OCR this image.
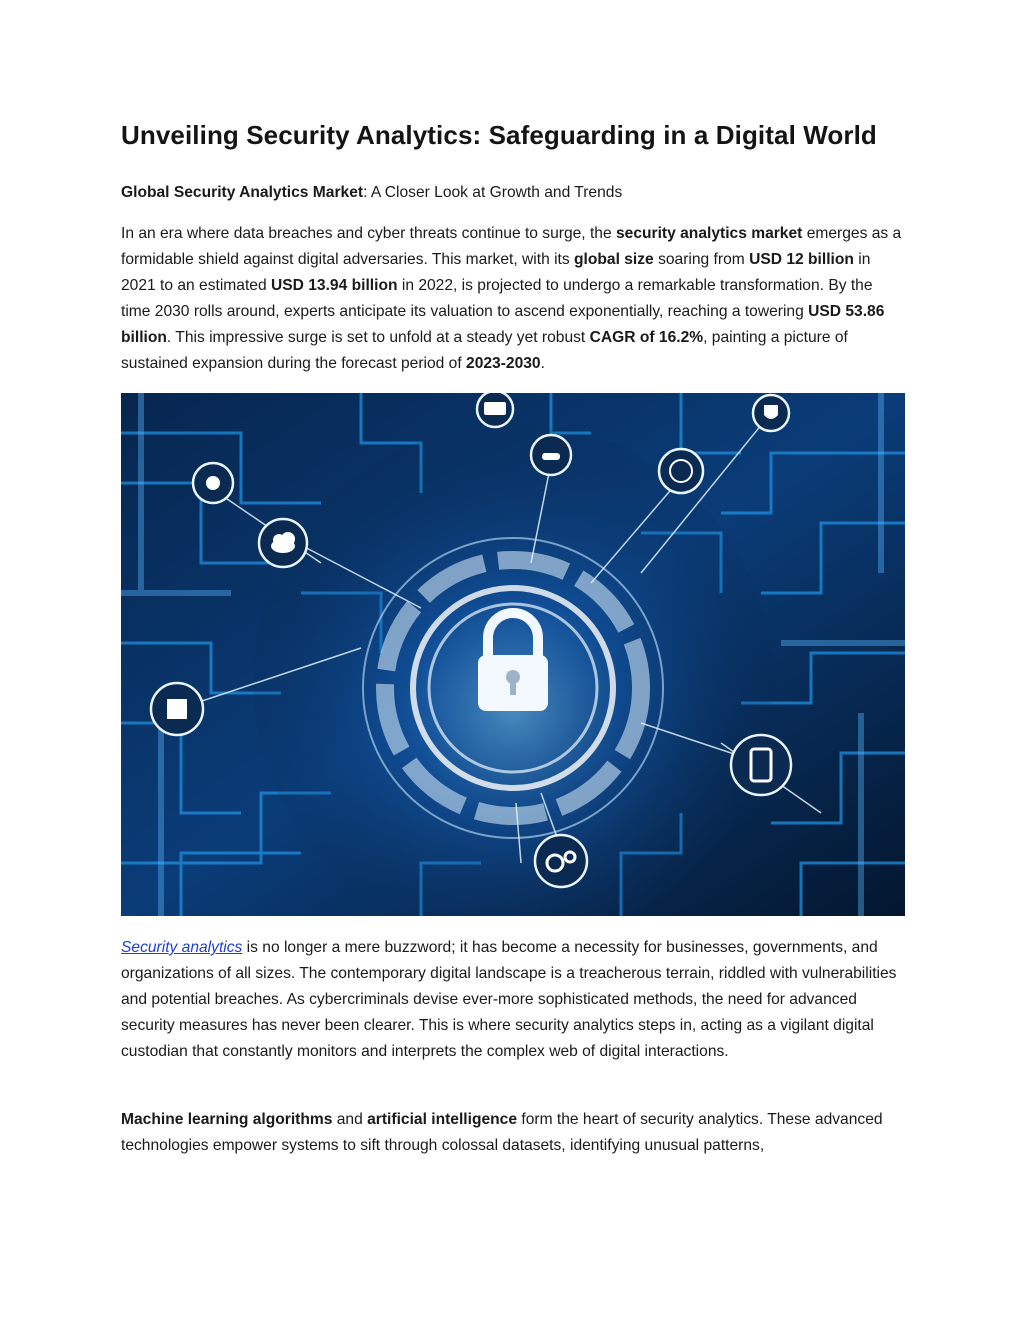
Unveiling Security Analytics: Safeguarding in a Digital World

Global Security Analytics Market: A Closer Look at Growth and Trends

In an era where data breaches and cyber threats continue to surge, the security analytics market emerges as a formidable shield against digital adversaries. This market, with its global size soaring from USD 12 billion in 2021 to an estimated USD 13.94 billion in 2022, is projected to undergo a remarkable transformation. By the time 2030 rolls around, experts anticipate its valuation to ascend exponentially, reaching a towering USD 53.86 billion. This impressive surge is set to unfold at a steady yet robust CAGR of 16.2%, painting a picture of sustained expansion during the forecast period of 2023-2030.

Security analytics is no longer a mere buzzword; it has become a necessity for businesses, governments, and organizations of all sizes. The contemporary digital landscape is a treacherous terrain, riddled with vulnerabilities and potential breaches. As cybercriminals devise ever-more sophisticated methods, the need for advanced security measures has never been clearer. This is where security analytics steps in, acting as a vigilant digital custodian that constantly monitors and interprets the complex web of digital interactions.

Machine learning algorithms and artificial intelligence form the heart of security analytics. These advanced technologies empower systems to sift through colossal datasets, identifying unusual patterns,
